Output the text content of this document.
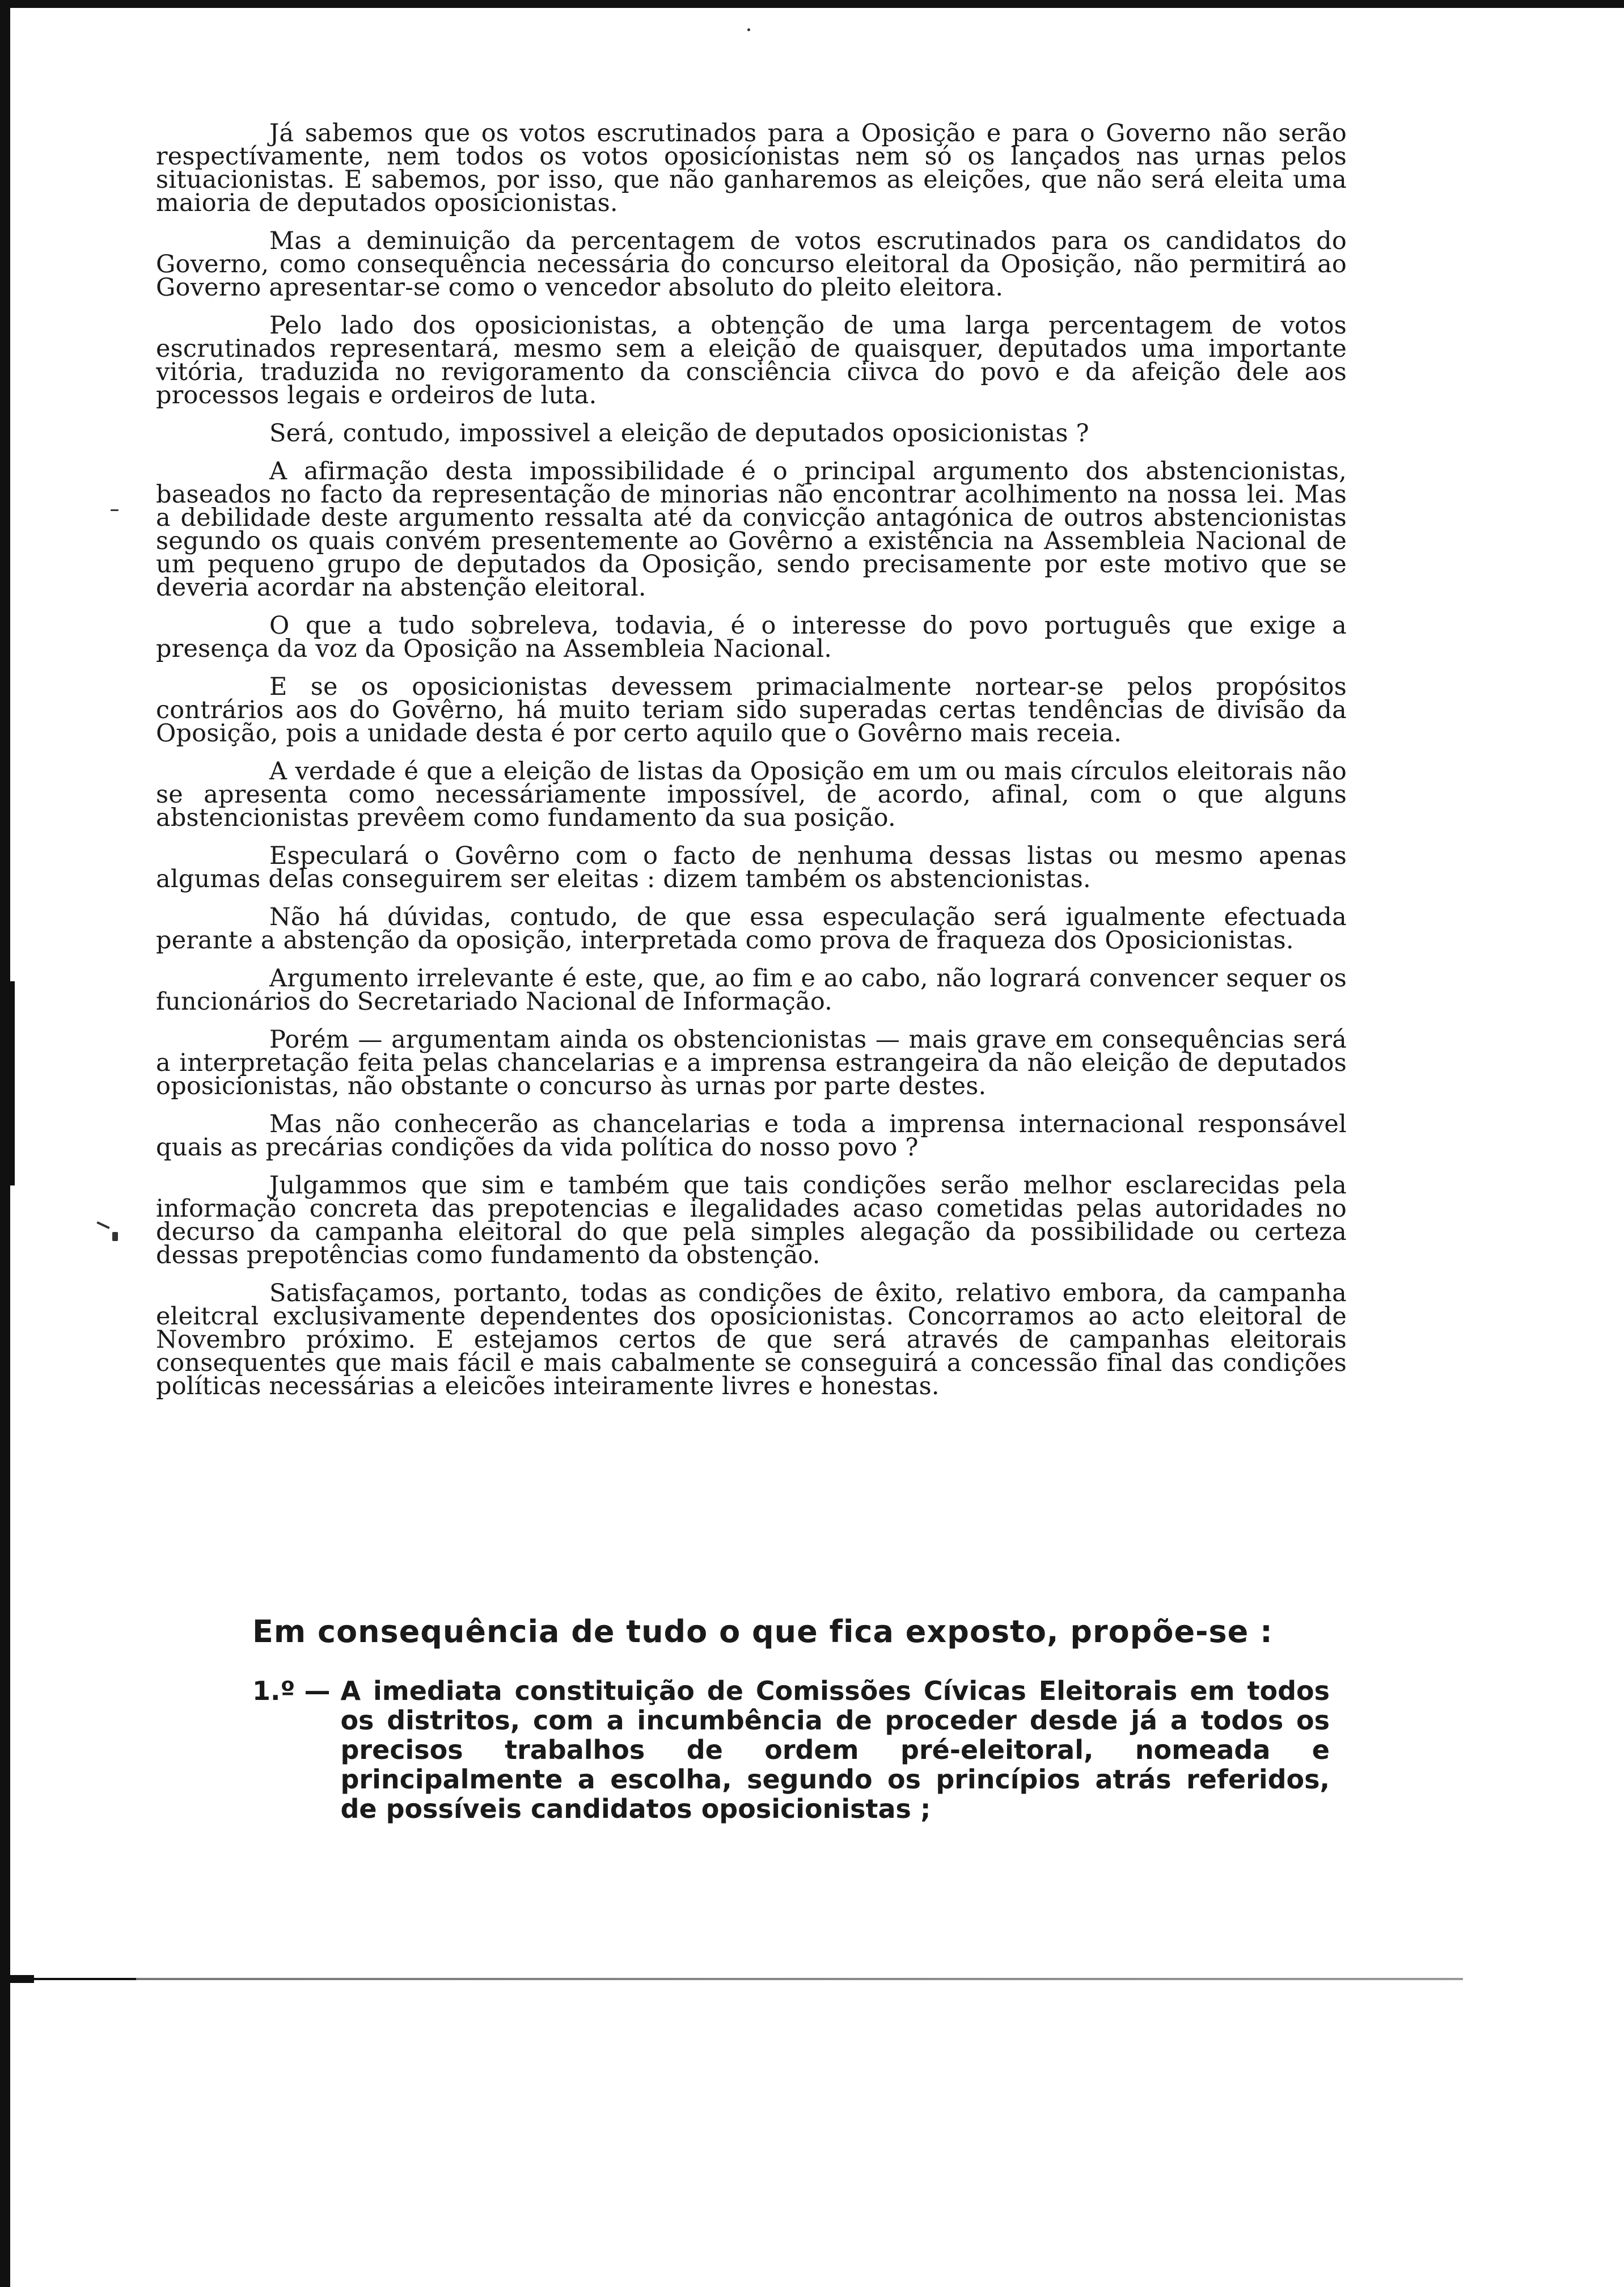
Já sabemos que os votos escrutinados para a Oposição e para o Governo não serão respectívamente, nem todos os votos oposicíonistas nem só os lançados nas urnas pelos situacionistas. E sabemos, por isso, que não ganharemos as eleições, que não será eleita uma maioria de deputados oposicionistas.

Mas a deminuição da percentagem de votos escrutinados para os candidatos do Governo, como consequência necessária do concurso eleitoral da Oposição, não permitirá ao Governo apresentar-se como o vencedor absoluto do pleito eleitora.

Pelo lado dos oposicionistas, a obtenção de uma larga percentagem de votos escrutinados representará, mesmo sem a eleição de quaisquer, deputados uma importante vitória, traduzida no revigoramento da consciência ciivca do povo e da afeição dele aos processos legais e ordeiros de luta.

Será, contudo, impossivel a eleição de deputados oposicionistas ?

A afirmação desta impossibilidade é o principal argumento dos abstencionistas, baseados no facto da representação de minorias não encontrar acolhimento na nossa lei. Mas a debilidade deste argumento ressalta até da convicção antagónica de outros abstencionistas segundo os quais convém presentemente ao Govêrno a existência na Assembleia Nacional de um pequeno grupo de deputados da Oposição, sendo precisamente por este motivo que se deveria acordar na abstenção eleitoral.

O que a tudo sobreleva, todavia, é o interesse do povo português que exige a presença da voz da Oposição na Assembleia Nacional.

E se os oposicionistas devessem primacialmente nortear-se pelos propósitos contrários aos do Govêrno, há muito teriam sido superadas certas tendências de divisão da Oposição, pois a unidade desta é por certo aquilo que o Govêrno mais receia.

A verdade é que a eleição de listas da Oposição em um ou mais círculos eleitorais não se apresenta como necessáriamente impossível, de acordo, afinal, com o que alguns abstencionistas prevêem como fundamento da sua posição.

Especulará o Govêrno com o facto de nenhuma dessas listas ou mesmo apenas algumas delas conseguirem ser eleitas : dizem também os abstencionistas.

Não há dúvidas, contudo, de que essa especulação será igualmente efectuada perante a abstenção da oposição, interpretada como prova de fraqueza dos Oposicionistas.

Argumento irrelevante é este, que, ao fim e ao cabo, não logrará convencer sequer os funcionários do Secretariado Nacional de Informação.

Porém — argumentam ainda os obstencionistas — mais grave em consequências será a interpretação feita pelas chancelarias e a imprensa estrangeira da não eleição de deputados oposicionistas, não obstante o concurso às urnas por parte destes.

Mas não conhecerão as chancelarias e toda a imprensa internacional responsável quais as precárias condições da vida política do nosso povo ?

Julgammos que sim e também que tais condições serão melhor esclarecidas pela informação concreta das prepotencias e ilegalidades acaso cometidas pelas autoridades no decurso da campanha eleitoral do que pela simples alegação da possibilidade ou certeza dessas prepotências como fundamento da obstenção.

Satisfaçamos, portanto, todas as condições de êxito, relativo embora, da campanha eleitcral exclusivamente dependentes dos oposicionistas. Concorramos ao acto eleitoral de Novembro próximo. E estejamos certos de que será através de campanhas eleitorais consequentes que mais fácil e mais cabalmente se conseguirá a concessão final das condições políticas necessárias a eleicões inteiramente livres e honestas.

Em consequência de tudo o que fica exposto, propõe-se :
1.º — A imediata constituição de Comissões Cívicas Eleitorais em todos os distritos, com a incumbência de proceder desde já a todos os precisos trabalhos de ordem pré-eleitoral, nomeada e principalmente a escolha, segundo os princípios atrás referidos, de possíveis candidatos oposicionistas ;
